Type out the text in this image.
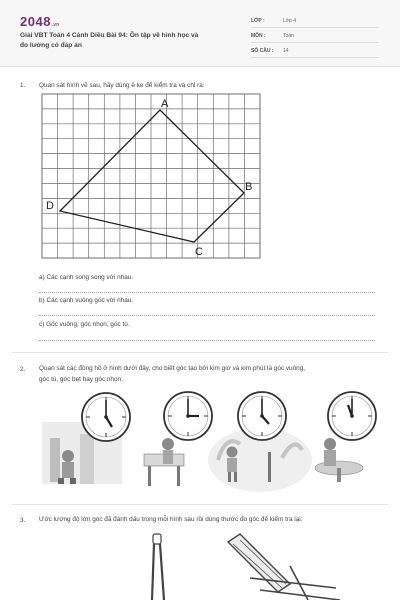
2048.vn
Giải VBT Toán 4 Cánh Diều Bài 94: Ôn tập về hình học và
đo lường có đáp án
LỚP :	Lớp 4
MÔN :	Toán
SỐ CÂU : 14
1. Quan sát hình vẽ sau, hãy dùng ê ke để kiểm tra và chỉ ra:
A
B
C
D
a) Các cạnh song song với nhau.
b) Các cạnh vuông góc với nhau.
c) Góc vuông, góc nhọn, góc tù.
2. Quan sát các đồng hồ ở hình dưới đây, cho biết góc tạo bởi kim giờ và kim phút là góc vuông,
góc tù, góc bẹt hay góc nhọn:
3. Ước lượng độ lớn góc đã đánh dấu trong mỗi hình sau rồi dùng thước đo góc để kiểm tra lại:
